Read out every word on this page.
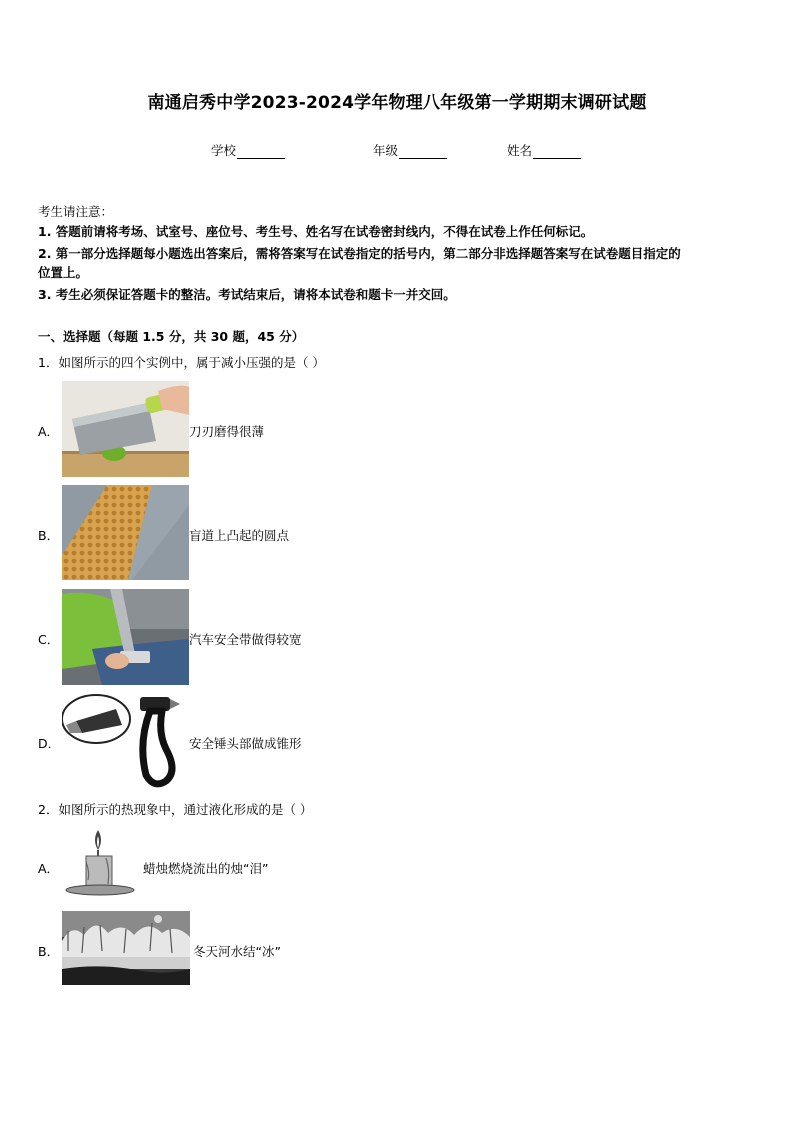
南通启秀中学2023-2024学年物理八年级第一学期期末调研试题
学校	年级	姓名
考生请注意：
1. 答题前请将考场、试室号、座位号、考生号、姓名写在试卷密封线内，不得在试卷上作任何标记。
2. 第一部分选择题每小题选出答案后，需将答案写在试卷指定的括号内，第二部分非选择题答案写在试卷题目指定的
位置上。
3. 考生必须保证答题卡的整洁。考试结束后，请将本试卷和题卡一并交回。
一、选择题（每题 1.5 分，共 30 题，45 分）
1．如图所示的四个实例中，属于减小压强的是（ ）
A．	刀刃磨得很薄
B．	盲道上凸起的圆点
C．	汽车安全带做得较宽
D．	安全锤头部做成锥形
2．如图所示的热现象中，通过液化形成的是（ ）
A．	蜡烛燃烧流出的烛“泪”
B．	冬天河水结“冰”
